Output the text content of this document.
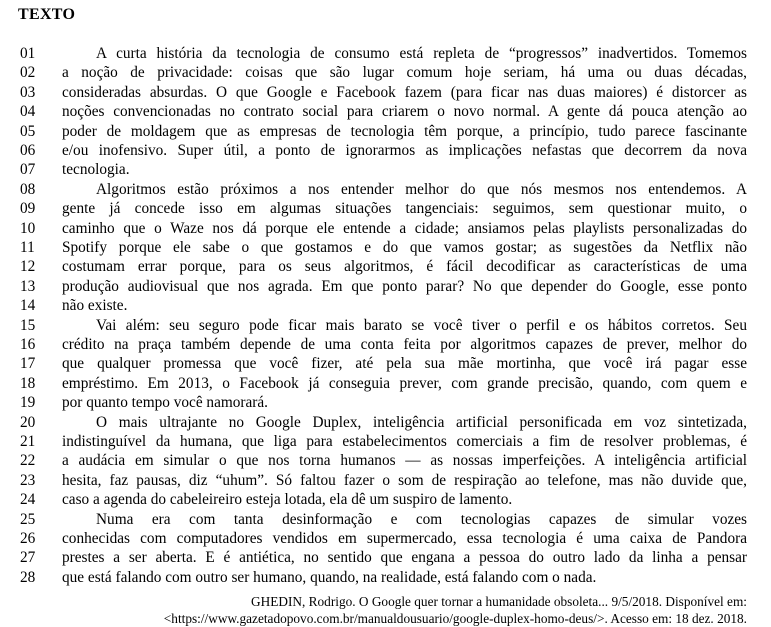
TEXTO
01	A curta história da tecnologia de consumo está repleta de “progressos” inadvertidos. Tomemos
02	a noção de privacidade: coisas que são lugar comum hoje seriam, há uma ou duas décadas,
03	consideradas absurdas. O que Google e Facebook fazem (para ficar nas duas maiores) é distorcer as
04	noções convencionadas no contrato social para criarem o novo normal. A gente dá pouca atenção ao
05	poder de moldagem que as empresas de tecnologia têm porque, a princípio, tudo parece fascinante
06	e/ou inofensivo. Super útil, a ponto de ignorarmos as implicações nefastas que decorrem da nova
07	tecnologia.
08	Algoritmos estão próximos a nos entender melhor do que nós mesmos nos entendemos. A
09	gente já concede isso em algumas situações tangenciais: seguimos, sem questionar muito, o
10	caminho que o Waze nos dá porque ele entende a cidade; ansiamos pelas playlists personalizadas do
11	Spotify porque ele sabe o que gostamos e do que vamos gostar; as sugestões da Netflix não
12	costumam errar porque, para os seus algoritmos, é fácil decodificar as características de uma
13	produção audiovisual que nos agrada. Em que ponto parar? No que depender do Google, esse ponto
14	não existe.
15	Vai além: seu seguro pode ficar mais barato se você tiver o perfil e os hábitos corretos. Seu
16	crédito na praça também depende de uma conta feita por algoritmos capazes de prever, melhor do
17	que qualquer promessa que você fizer, até pela sua mãe mortinha, que você irá pagar esse
18	empréstimo. Em 2013, o Facebook já conseguia prever, com grande precisão, quando, com quem e
19	por quanto tempo você namorará.
20	O mais ultrajante no Google Duplex, inteligência artificial personificada em voz sintetizada,
21	indistinguível da humana, que liga para estabelecimentos comerciais a fim de resolver problemas, é
22	a audácia em simular o que nos torna humanos — as nossas imperfeições. A inteligência artificial
23	hesita, faz pausas, diz “uhum”. Só faltou fazer o som de respiração ao telefone, mas não duvide que,
24	caso a agenda do cabeleireiro esteja lotada, ela dê um suspiro de lamento.
25	Numa era com tanta desinformação e com tecnologias capazes de simular vozes
26	conhecidas com computadores vendidos em supermercado, essa tecnologia é uma caixa de Pandora
27	prestes a ser aberta. E é antiética, no sentido que engana a pessoa do outro lado da linha a pensar
28	que está falando com outro ser humano, quando, na realidade, está falando com o nada.
GHEDIN, Rodrigo. O Google quer tornar a humanidade obsoleta... 9/5/2018. Disponível em:
<https://www.gazetadopovo.com.br/manualdousuario/google-duplex-homo-deus/>. Acesso em: 18 dez. 2018.
